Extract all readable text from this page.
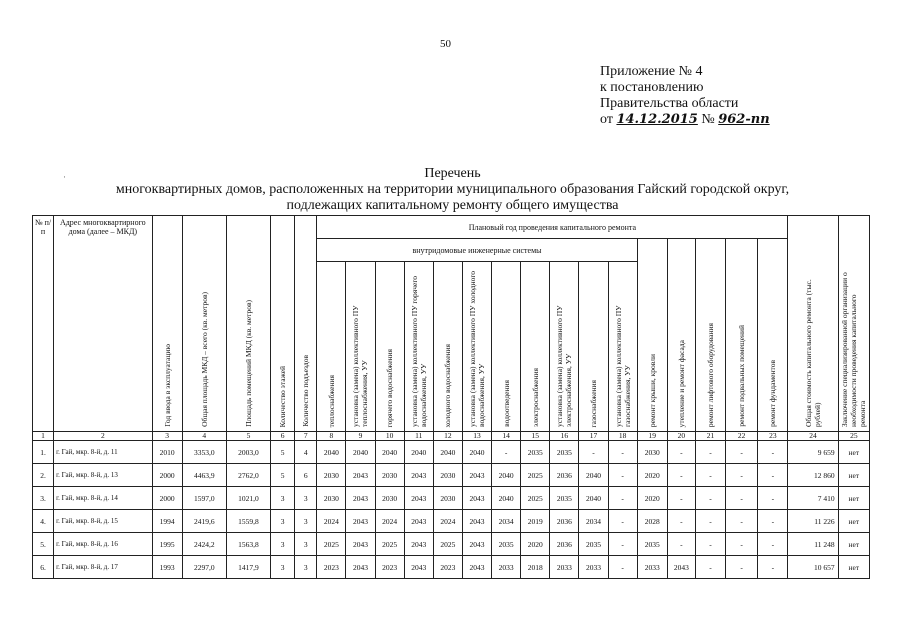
50
Приложение № 4
к постановлению
Правительства области
от 14.12.2015 № 962-пп
·	Перечень
многоквартирных домов, расположенных на территории муниципального образования Гайский городской округ,
подлежащих капитальному ремонту общего имущества
№ п/п	Адрес многоквартирного дома (далее – МКД)	Год ввода в эксплуатацию	Общая площадь МКД – всего (кв. метров)	Площадь помещений МКД (кв. метров)	Количество этажей	Количество подъездов	Плановый год проведения капитального ремонта																Общая стоимость капитального ремонта (тыс. рублей)	Заключение специализированной организации о необходимости проведения капитального ремонта
							внутридомовые инженерные системы											ремонт крыши, кровли	утепление и ремонт фасада	ремонт лифтового оборудования	ремонт подвальных помещений	ремонт фундаментов		
							теплоснабжения	установка (замена) коллективного ПУ теплоснабжения, УУ	горячего водоснабжения	установка (замена) коллективного ПУ горячего водоснабжения, УУ	холодного водоснабжения	установка (замена) коллективного ПУ холодного водоснабжения, УУ	водоотведения	электроснабжения	установка (замена) коллективного ПУ электроснабжения, УУ	газоснабжения	установка (замена) коллективного ПУ газоснабжения, УУ							
1	2	3	4	5	6	7	8	9	10	11	12	13	14	15	16	17	18	19	20	21	22	23	24	25
1.	г. Гай, мкр. 8-й, д. 11	2010	3353,0	2003,0	5	4	2040	2040	2040	2040	2040	2040	-	2035	2035	-	-	2030	-	-	-	-	9 659	нет
2.	г. Гай, мкр. 8-й, д. 13	2000	4463,9	2762,0	5	6	2030	2043	2030	2043	2030	2043	2040	2025	2036	2040	-	2020	-	-	-	-	12 860	нет
3.	г. Гай, мкр. 8-й, д. 14	2000	1597,0	1021,0	3	3	2030	2043	2030	2043	2030	2043	2040	2025	2035	2040	-	2020	-	-	-	-	7 410	нет
4.	г. Гай, мкр. 8-й, д. 15	1994	2419,6	1559,8	3	3	2024	2043	2024	2043	2024	2043	2034	2019	2036	2034	-	2028	-	-	-	-	11 226	нет
5.	г. Гай, мкр. 8-й, д. 16	1995	2424,2	1563,8	3	3	2025	2043	2025	2043	2025	2043	2035	2020	2036	2035	-	2035	-	-	-	-	11 248	нет
6.	г. Гай, мкр. 8-й, д. 17	1993	2297,0	1417,9	3	3	2023	2043	2023	2043	2023	2043	2033	2018	2033	2033	-	2033	2043	-	-	-	10 657	нет
